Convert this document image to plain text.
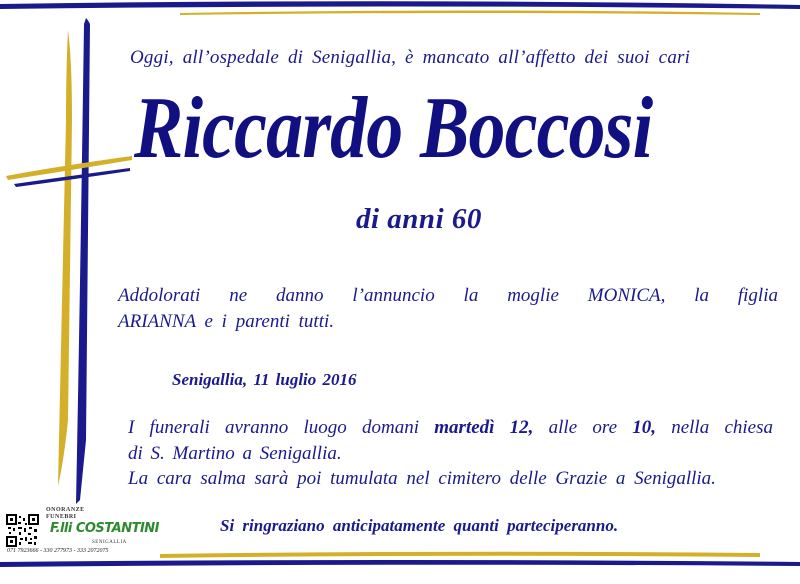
Oggi, all’ospedale di Senigallia, è mancato all’affetto dei suoi cari
Riccardo Boccosi
di anni 60
Addolorati ne danno l’annuncio la moglie MONICA, la figlia
ARIANNA e i parenti tutti.
Senigallia, 11 luglio 2016
I funerali avranno luogo domani martedì 12, alle ore 10, nella chiesa
di S. Martino a Senigallia.
La cara salma sarà poi tumulata nel cimitero delle Grazie a Senigallia.
Si ringraziano anticipatamente quanti parteciperanno.
ONORANZE
FUNEBRI
F.lli COSTANTINI
SENIGALLIA
071 7923666 - 330 277973 - 333 2072075
